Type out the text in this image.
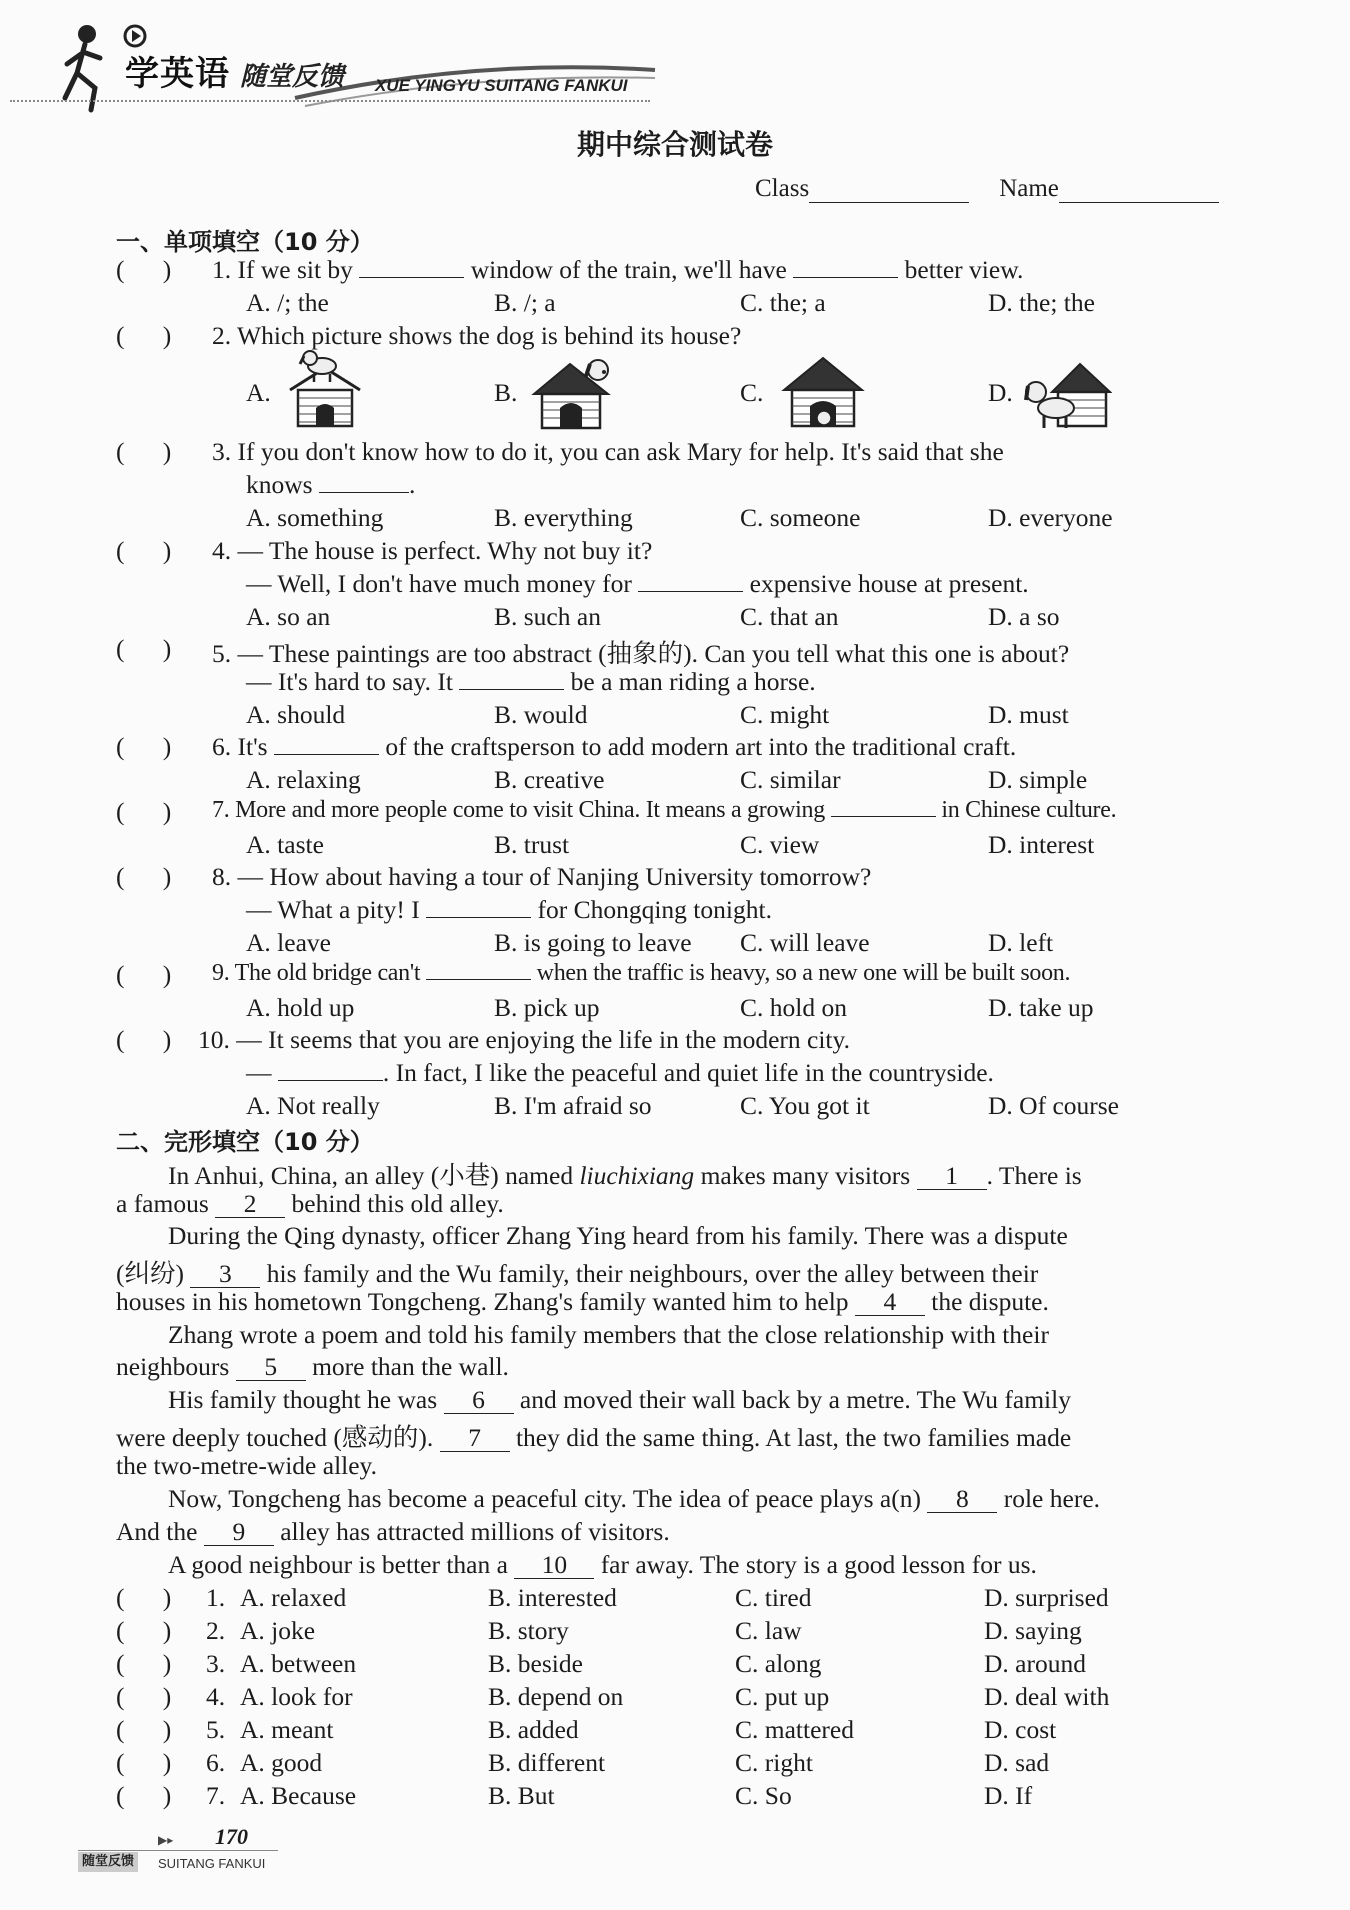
学英语 随堂反馈 XUE YINGYU SUITANG FANKUI
期中综合测试卷
Class	Name
一、单项填空（10 分）
(      ) 1. If we sit by	window of the train, we'll have	better view.
A. /; the	B. /; a	C. the; a	D. the; the
(      ) 2. Which picture shows the dog is behind its house?
A.	B.	C.	D.
(      ) 3. If you don't know how to do it, you can ask Mary for help. It's said that she
knows	.
A. something	B. everything	C. someone	D. everyone
(      ) 4. — The house is perfect. Why not buy it?
— Well, I don't have much money for	expensive house at present.
A. so an	B. such an	C. that an	D. a so
(      ) 5. — These paintings are too abstract (抽象的). Can you tell what this one is about?
— It's hard to say. It	be a man riding a horse.
A. should	B. would	C. might	D. must
(      ) 6. It's	of the craftsperson to add modern art into the traditional craft.
A. relaxing	B. creative	C. similar	D. simple
(      ) 7. More and more people come to visit China. It means a growing	in Chinese culture.
A. taste	B. trust	C. view	D. interest
(      ) 8. — How about having a tour of Nanjing University tomorrow?
— What a pity! I	for Chongqing tonight.
A. leave	B. is going to leave C. will leave	D. left
(      ) 9. The old bridge can't	when the traffic is heavy, so a new one will be built soon.
A. hold up	B. pick up	C. hold on	D. take up
(      ) 10. — It seems that you are enjoying the life in the modern city.
—	. In fact, I like the peaceful and quiet life in the countryside.
A. Not really	B. I'm afraid so	C. You got it	D. Of course
二、完形填空（10 分）
In Anhui, China, an alley (小巷) named liuchixiang makes many visitors 1 . There is
a famous 2 behind this old alley.
During the Qing dynasty, officer Zhang Ying heard from his family. There was a dispute
(纠纷) 3 his family and the Wu family, their neighbours, over the alley between their
houses in his hometown Tongcheng. Zhang's family wanted him to help 4 the dispute.
Zhang wrote a poem and told his family members that the close relationship with their
neighbours 5 more than the wall.
His family thought he was 6 and moved their wall back by a metre. The Wu family
were deeply touched (感动的). 7 they did the same thing. At last, the two families made
the two-metre-wide alley.
Now, Tongcheng has become a peaceful city. The idea of peace plays a(n) 8 role here.
And the 9 alley has attracted millions of visitors.
A good neighbour is better than a 10 far away. The story is a good lesson for us.
(      ) 1. A. relaxed	B. interested	C. tired	D. surprised
(      ) 2. A. joke	B. story	C. law	D. saying
(      ) 3. A. between	B. beside	C. along	D. around
(      ) 4. A. look for	B. depend on	C. put up	D. deal with
(      ) 5. A. meant	B. added	C. mattered	D. cost
(      ) 6. A. good	B. different	C. right	D. sad
(      ) 7. A. Because	B. But	C. So	D. If
▶▸ 170
随堂反馈	SUITANG FANKUI
